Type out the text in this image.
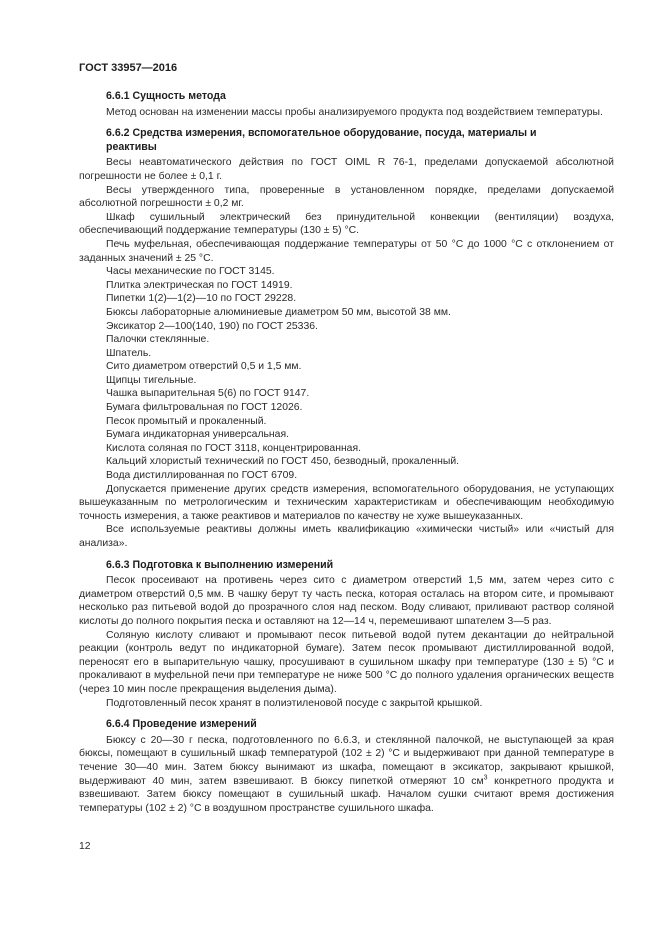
ГОСТ 33957—2016
6.6.1 Сущность метода

Метод основан на изменении массы пробы анализируемого продукта под воздействием температуры.

6.6.2 Средства измерения, вспомогательное оборудование, посуда, материалы и реактивы

Весы неавтоматического действия по ГОСТ OIML R 76-1, пределами допускаемой абсолютной погрешности не более ± 0,1 г.

Весы утвержденного типа, проверенные в установленном порядке, пределами допускаемой абсолютной погрешности ± 0,2 мг.

Шкаф сушильный электрический без принудительной конвекции (вентиляции) воздуха, обеспечивающий поддержание температуры (130 ± 5) °С.

Печь муфельная, обеспечивающая поддержание температуры от 50 °С до 1000 °С с отклонением от заданных значений ± 25 °С.

Часы механические по ГОСТ 3145.

Плитка электрическая по ГОСТ 14919.

Пипетки 1(2)—1(2)—10 по ГОСТ 29228.

Бюксы лабораторные алюминиевые диаметром 50 мм, высотой 38 мм.

Эксикатор 2—100(140, 190) по ГОСТ 25336.

Палочки стеклянные.

Шпатель.

Сито диаметром отверстий 0,5 и 1,5 мм.

Щипцы тигельные.

Чашка выпарительная 5(6) по ГОСТ 9147.

Бумага фильтровальная по ГОСТ 12026.

Песок промытый и прокаленный.

Бумага индикаторная универсальная.

Кислота соляная по ГОСТ 3118, концентрированная.

Кальций хлористый технический по ГОСТ 450, безводный, прокаленный.

Вода дистиллированная по ГОСТ 6709.

Допускается применение других средств измерения, вспомогательного оборудования, не уступающих вышеуказанным по метрологическим и техническим характеристикам и обеспечивающим необходимую точность измерения, а также реактивов и материалов по качеству не хуже вышеуказанных.

Все используемые реактивы должны иметь квалификацию «химически чистый» или «чистый для анализа».

6.6.3 Подготовка к выполнению измерений

Песок просеивают на противень через сито с диаметром отверстий 1,5 мм, затем через сито с диаметром отверстий 0,5 мм. В чашку берут ту часть песка, которая осталась на втором сите, и промывают несколько раз питьевой водой до прозрачного слоя над песком. Воду сливают, приливают раствор соляной кислоты до полного покрытия песка и оставляют на 12—14 ч, перемешивают шпателем 3—5 раз.

Соляную кислоту сливают и промывают песок питьевой водой путем декантации до нейтральной реакции (контроль ведут по индикаторной бумаге). Затем песок промывают дистиллированной водой, переносят его в выпарительную чашку, просушивают в сушильном шкафу при температуре (130 ± 5) °С и прокаливают в муфельной печи при температуре не ниже 500 °С до полного удаления органических веществ (через 10 мин после прекращения выделения дыма).

Подготовленный песок хранят в полиэтиленовой посуде с закрытой крышкой.

6.6.4 Проведение измерений

Бюксу с 20—30 г песка, подготовленного по 6.6.3, и стеклянной палочкой, не выступающей за края бюксы, помещают в сушильный шкаф температурой (102 ± 2) °С и выдерживают при данной температуре в течение 30—40 мин. Затем бюксу вынимают из шкафа, помещают в эксикатор, закрывают крышкой, выдерживают 40 мин, затем взвешивают. В бюксу пипеткой отмеряют 10 $см^3$ конкретного продукта и взвешивают. Затем бюксу помещают в сушильный шкаф. Началом сушки считают время достижения температуры (102 ± 2) °С в воздушном пространстве сушильного шкафа.

12
